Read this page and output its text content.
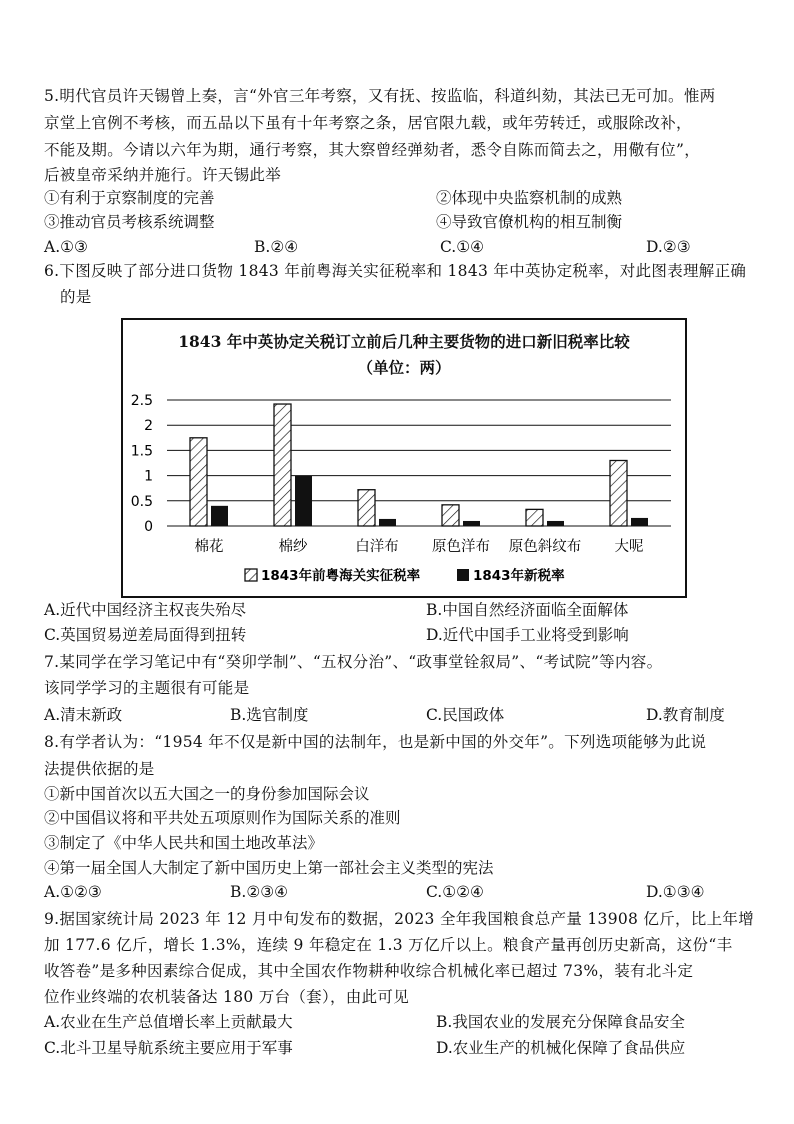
5.明代官员许天锡曾上奏，言“外官三年考察，又有抚、按监临，科道纠劾，其法已无可加。惟两
京堂上官例不考核，而五品以下虽有十年考察之条，居官限九载，或年劳转迁，或服除改补，
不能及期。今请以六年为期，通行考察，其大察曾经弹劾者，悉令自陈而简去之，用儆有位”，
后被皇帝采纳并施行。许天锡此举
①有利于京察制度的完善	②体现中央监察机制的成熟
③推动官员考核系统调整	④导致官僚机构的相互制衡
A.①③	B.②④	C.①④	D.②③
6.下图反映了部分进口货物 1843 年前粤海关实征税率和 1843 年中英协定税率，对此图表理解正确
的是
1843 年中英协定关税订立前后几种主要货物的进口新旧税率比较
（单位：两）
2.5
2
1.5
1
0.5
0
棉花	棉纱	白洋布 原色洋布 原色斜纹布 大呢
1843年前粤海关实征税率	1843年新税率
A.近代中国经济主权丧失殆尽	B.中国自然经济面临全面解体
C.英国贸易逆差局面得到扭转	D.近代中国手工业将受到影响
7.某同学在学习笔记中有“癸卯学制”、“五权分治”、“政事堂铨叙局”、“考试院”等内容。
该同学学习的主题很有可能是
A.清末新政	B.选官制度	C.民国政体	D.教育制度
8.有学者认为：“1954 年不仅是新中国的法制年，也是新中国的外交年”。下列选项能够为此说
法提供依据的是
①新中国首次以五大国之一的身份参加国际会议
②中国倡议将和平共处五项原则作为国际关系的准则
③制定了《中华人民共和国土地改革法》
④第一届全国人大制定了新中国历史上第一部社会主义类型的宪法
A.①②③	B.②③④	C.①②④	D.①③④
9.据国家统计局 2023 年 12 月中旬发布的数据，2023 全年我国粮食总产量 13908 亿斤，比上年增
加 177.6 亿斤，增长 1.3%，连续 9 年稳定在 1.3 万亿斤以上。粮食产量再创历史新高，这份“丰
收答卷”是多种因素综合促成，其中全国农作物耕种收综合机械化率已超过 73%，装有北斗定
位作业终端的农机装备达 180 万台（套），由此可见
A.农业在生产总值增长率上贡献最大	B.我国农业的发展充分保障食品安全
C.北斗卫星导航系统主要应用于军事	D.农业生产的机械化保障了食品供应
